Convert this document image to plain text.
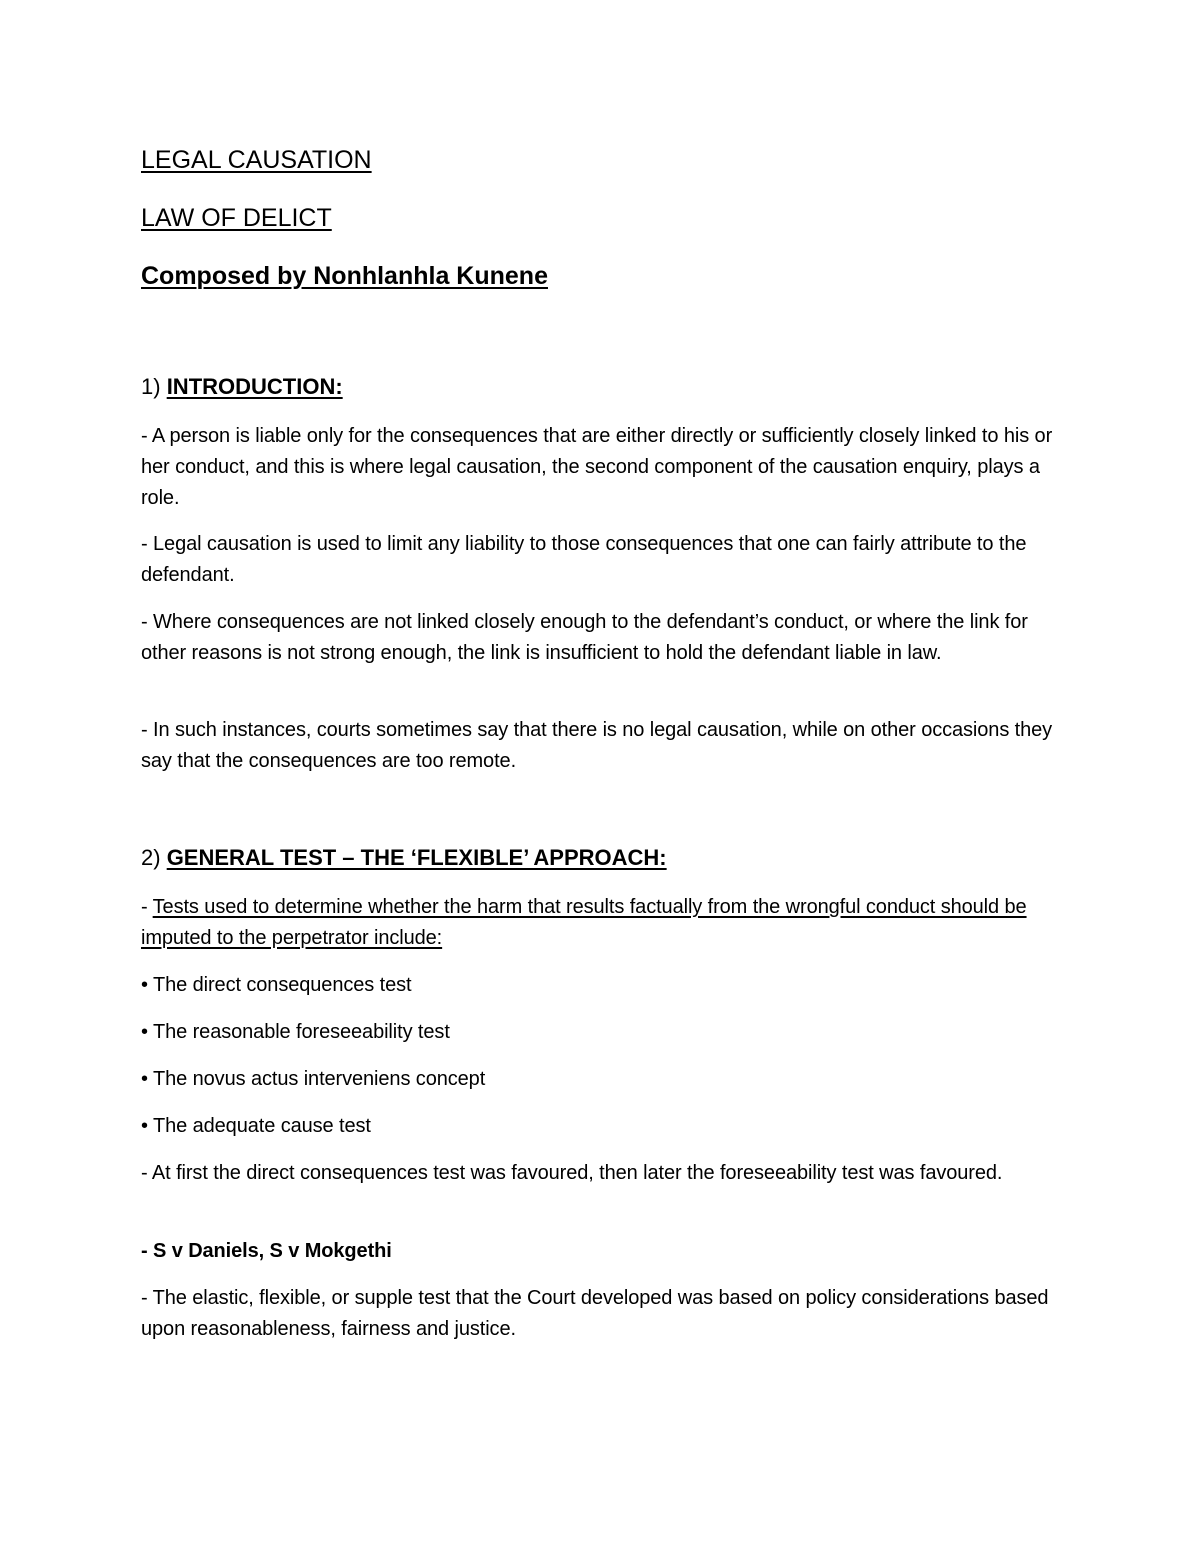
LEGAL CAUSATION
LAW OF DELICT
Composed by Nonhlanhla Kunene
1) INTRODUCTION:
- A person is liable only for the consequences that are either directly or sufficiently closely linked to his or her conduct, and this is where legal causation, the second component of the causation enquiry, plays a role.
- Legal causation is used to limit any liability to those consequences that one can fairly attribute to the defendant.
- Where consequences are not linked closely enough to the defendant’s conduct, or where the link for other reasons is not strong enough, the link is insufficient to hold the defendant liable in law.
- In such instances, courts sometimes say that there is no legal causation, while on other occasions they say that the consequences are too remote.
2) GENERAL TEST – THE ‘FLEXIBLE’ APPROACH:
- Tests used to determine whether the harm that results factually from the wrongful conduct should be imputed to the perpetrator include:
• The direct consequences test
• The reasonable foreseeability test
• The novus actus interveniens concept
• The adequate cause test
- At first the direct consequences test was favoured, then later the foreseeability test was favoured.
- S v Daniels, S v Mokgethi
- The elastic, flexible, or supple test that the Court developed was based on policy considerations based upon reasonableness, fairness and justice.
